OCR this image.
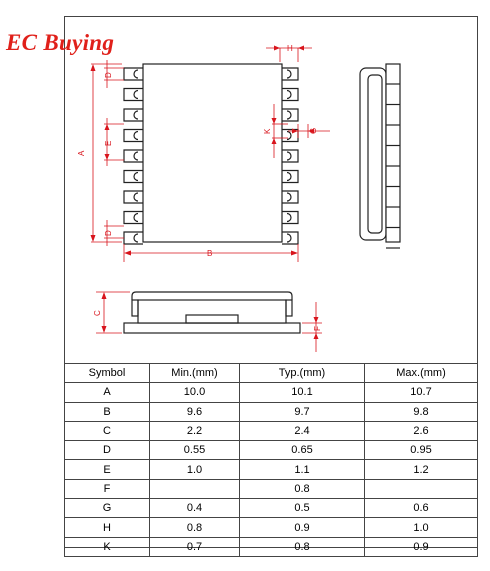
A
D
E
D
B
H
K	G
C
F
EC Buying
Symbol	Min.(mm)	Typ.(mm)	Max.(mm)
A	10.0	10.1	10.7
B	9.6	9.7	9.8
C	2.2	2.4	2.6
D	0.55	0.65	0.95
E	1.0	1.1	1.2
F		0.8	
G	0.4	0.5	0.6
H	0.8	0.9	1.0
K	0.7	0.8	0.9
